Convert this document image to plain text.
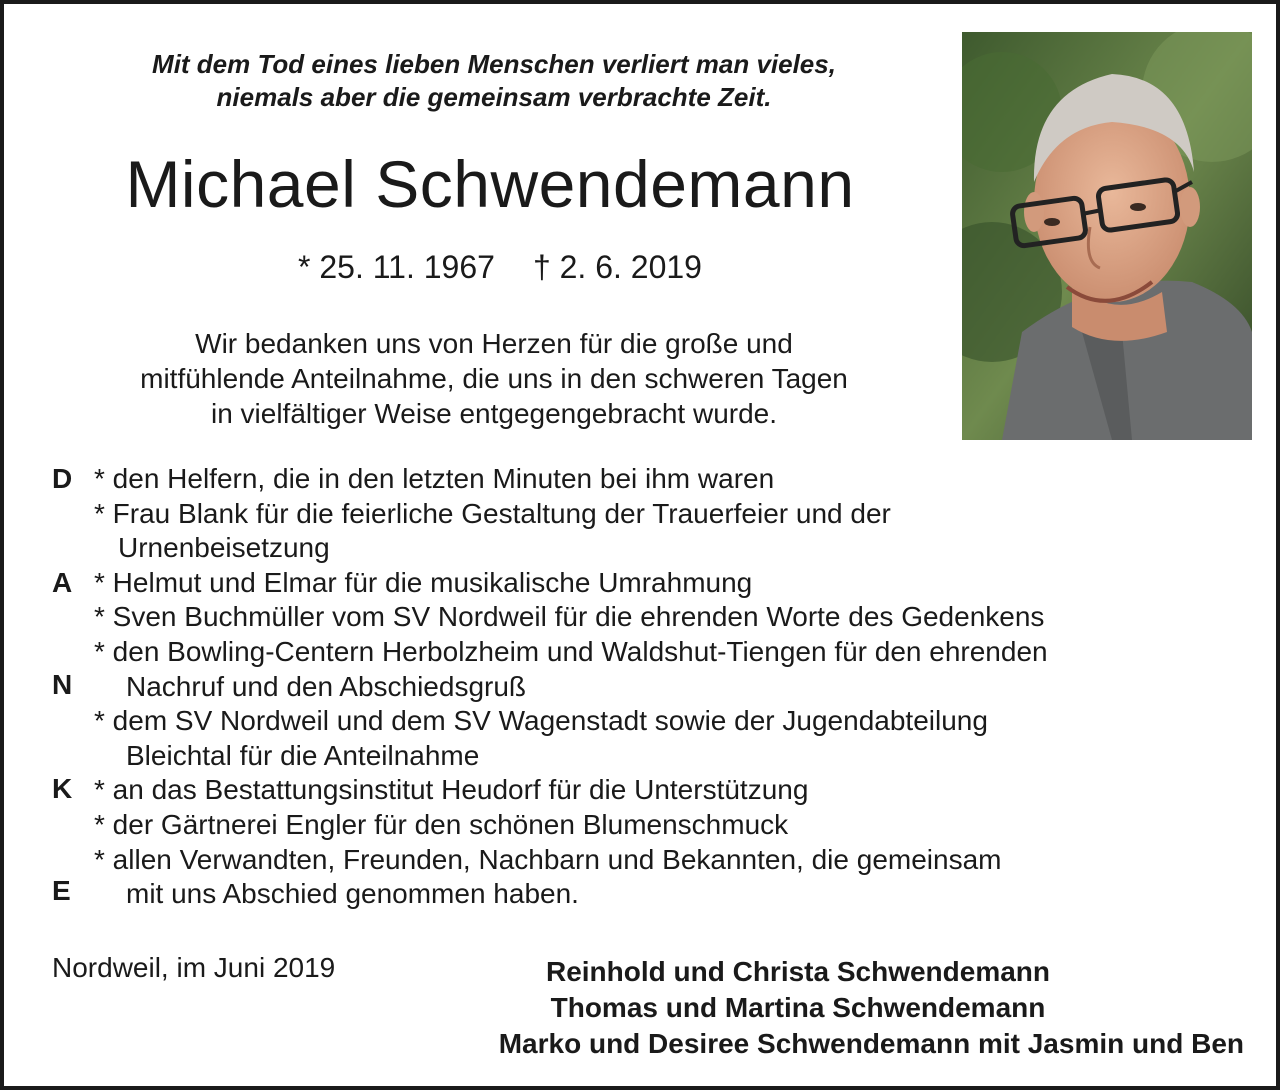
Mit dem Tod eines lieben Menschen verliert man vieles,
niemals aber die gemeinsam verbrachte Zeit.
Michael Schwendemann
* 25. 11. 1967 † 2. 6. 2019
Wir bedanken uns von Herzen für die große und
mitfühlende Anteilnahme, die uns in den schweren Tagen
in vielfältiger Weise entgegengebracht wurde.
D
A
N
K
E
* den Helfern, die in den letzten Minuten bei ihm waren
* Frau Blank für die feierliche Gestaltung der Trauerfeier und der
Urnenbeisetzung
* Helmut und Elmar für die musikalische Umrahmung
* Sven Buchmüller vom SV Nordweil für die ehrenden Worte des Gedenkens
* den Bowling-Centern Herbolzheim und Waldshut-Tiengen für den ehrenden
Nachruf und den Abschiedsgruß
* dem SV Nordweil und dem SV Wagenstadt sowie der Jugendabteilung
Bleichtal für die Anteilnahme
* an das Bestattungsinstitut Heudorf für die Unterstützung
* der Gärtnerei Engler für den schönen Blumenschmuck
* allen Verwandten, Freunden, Nachbarn und Bekannten, die gemeinsam
mit uns Abschied genommen haben.
Nordweil, im Juni 2019	Reinhold und Christa Schwendemann
Thomas und Martina Schwendemann
Marko und Desiree Schwendemann mit Jasmin und Ben
